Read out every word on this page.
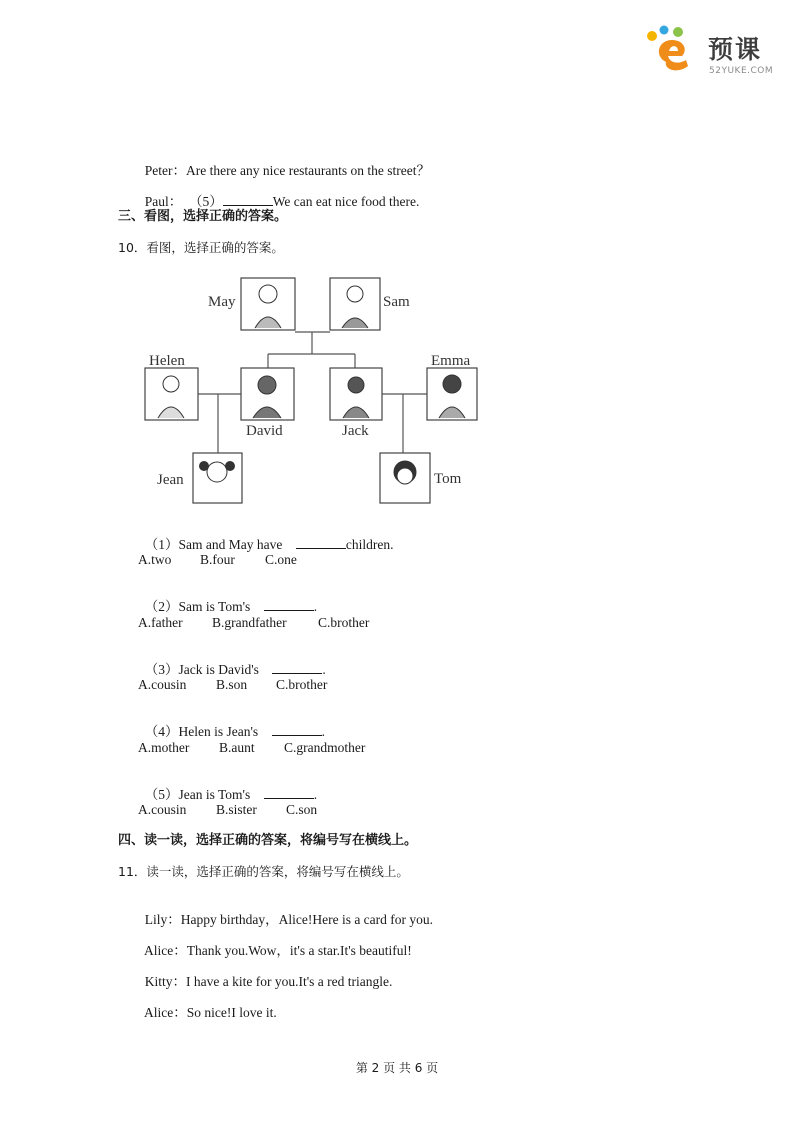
预课
52YUKE.COM

Peter：Are there any nice restaurants on the street？

Paul： （5）	We can eat nice food there.

三、看图，选择正确的答案。
10．看图，选择正确的答案。
May	Sam
Helen	Emma
David	Jack
Jean	Tom

（1）Sam and May have	children.

A.two B.four C.one

（2）Sam is Tom's	.

A.father B.grandfather C.brother

（3）Jack is David's	.

A.cousin B.son C.brother

（4）Helen is Jean's	.

A.mother B.aunt C.grandmother

（5）Jean is Tom's	.

A.cousin B.sister C.son
四、读一读，选择正确的答案，将编号写在横线上。
11．读一读，选择正确的答案，将编号写在横线上。

Lily：Happy birthday，Alice!Here is a card for you.

Alice：Thank you.Wow，it's a star.It's beautiful!

Kitty：I have a kite for you.It's a red triangle.

Alice：So nice!I love it.

第 2 页 共 6 页
